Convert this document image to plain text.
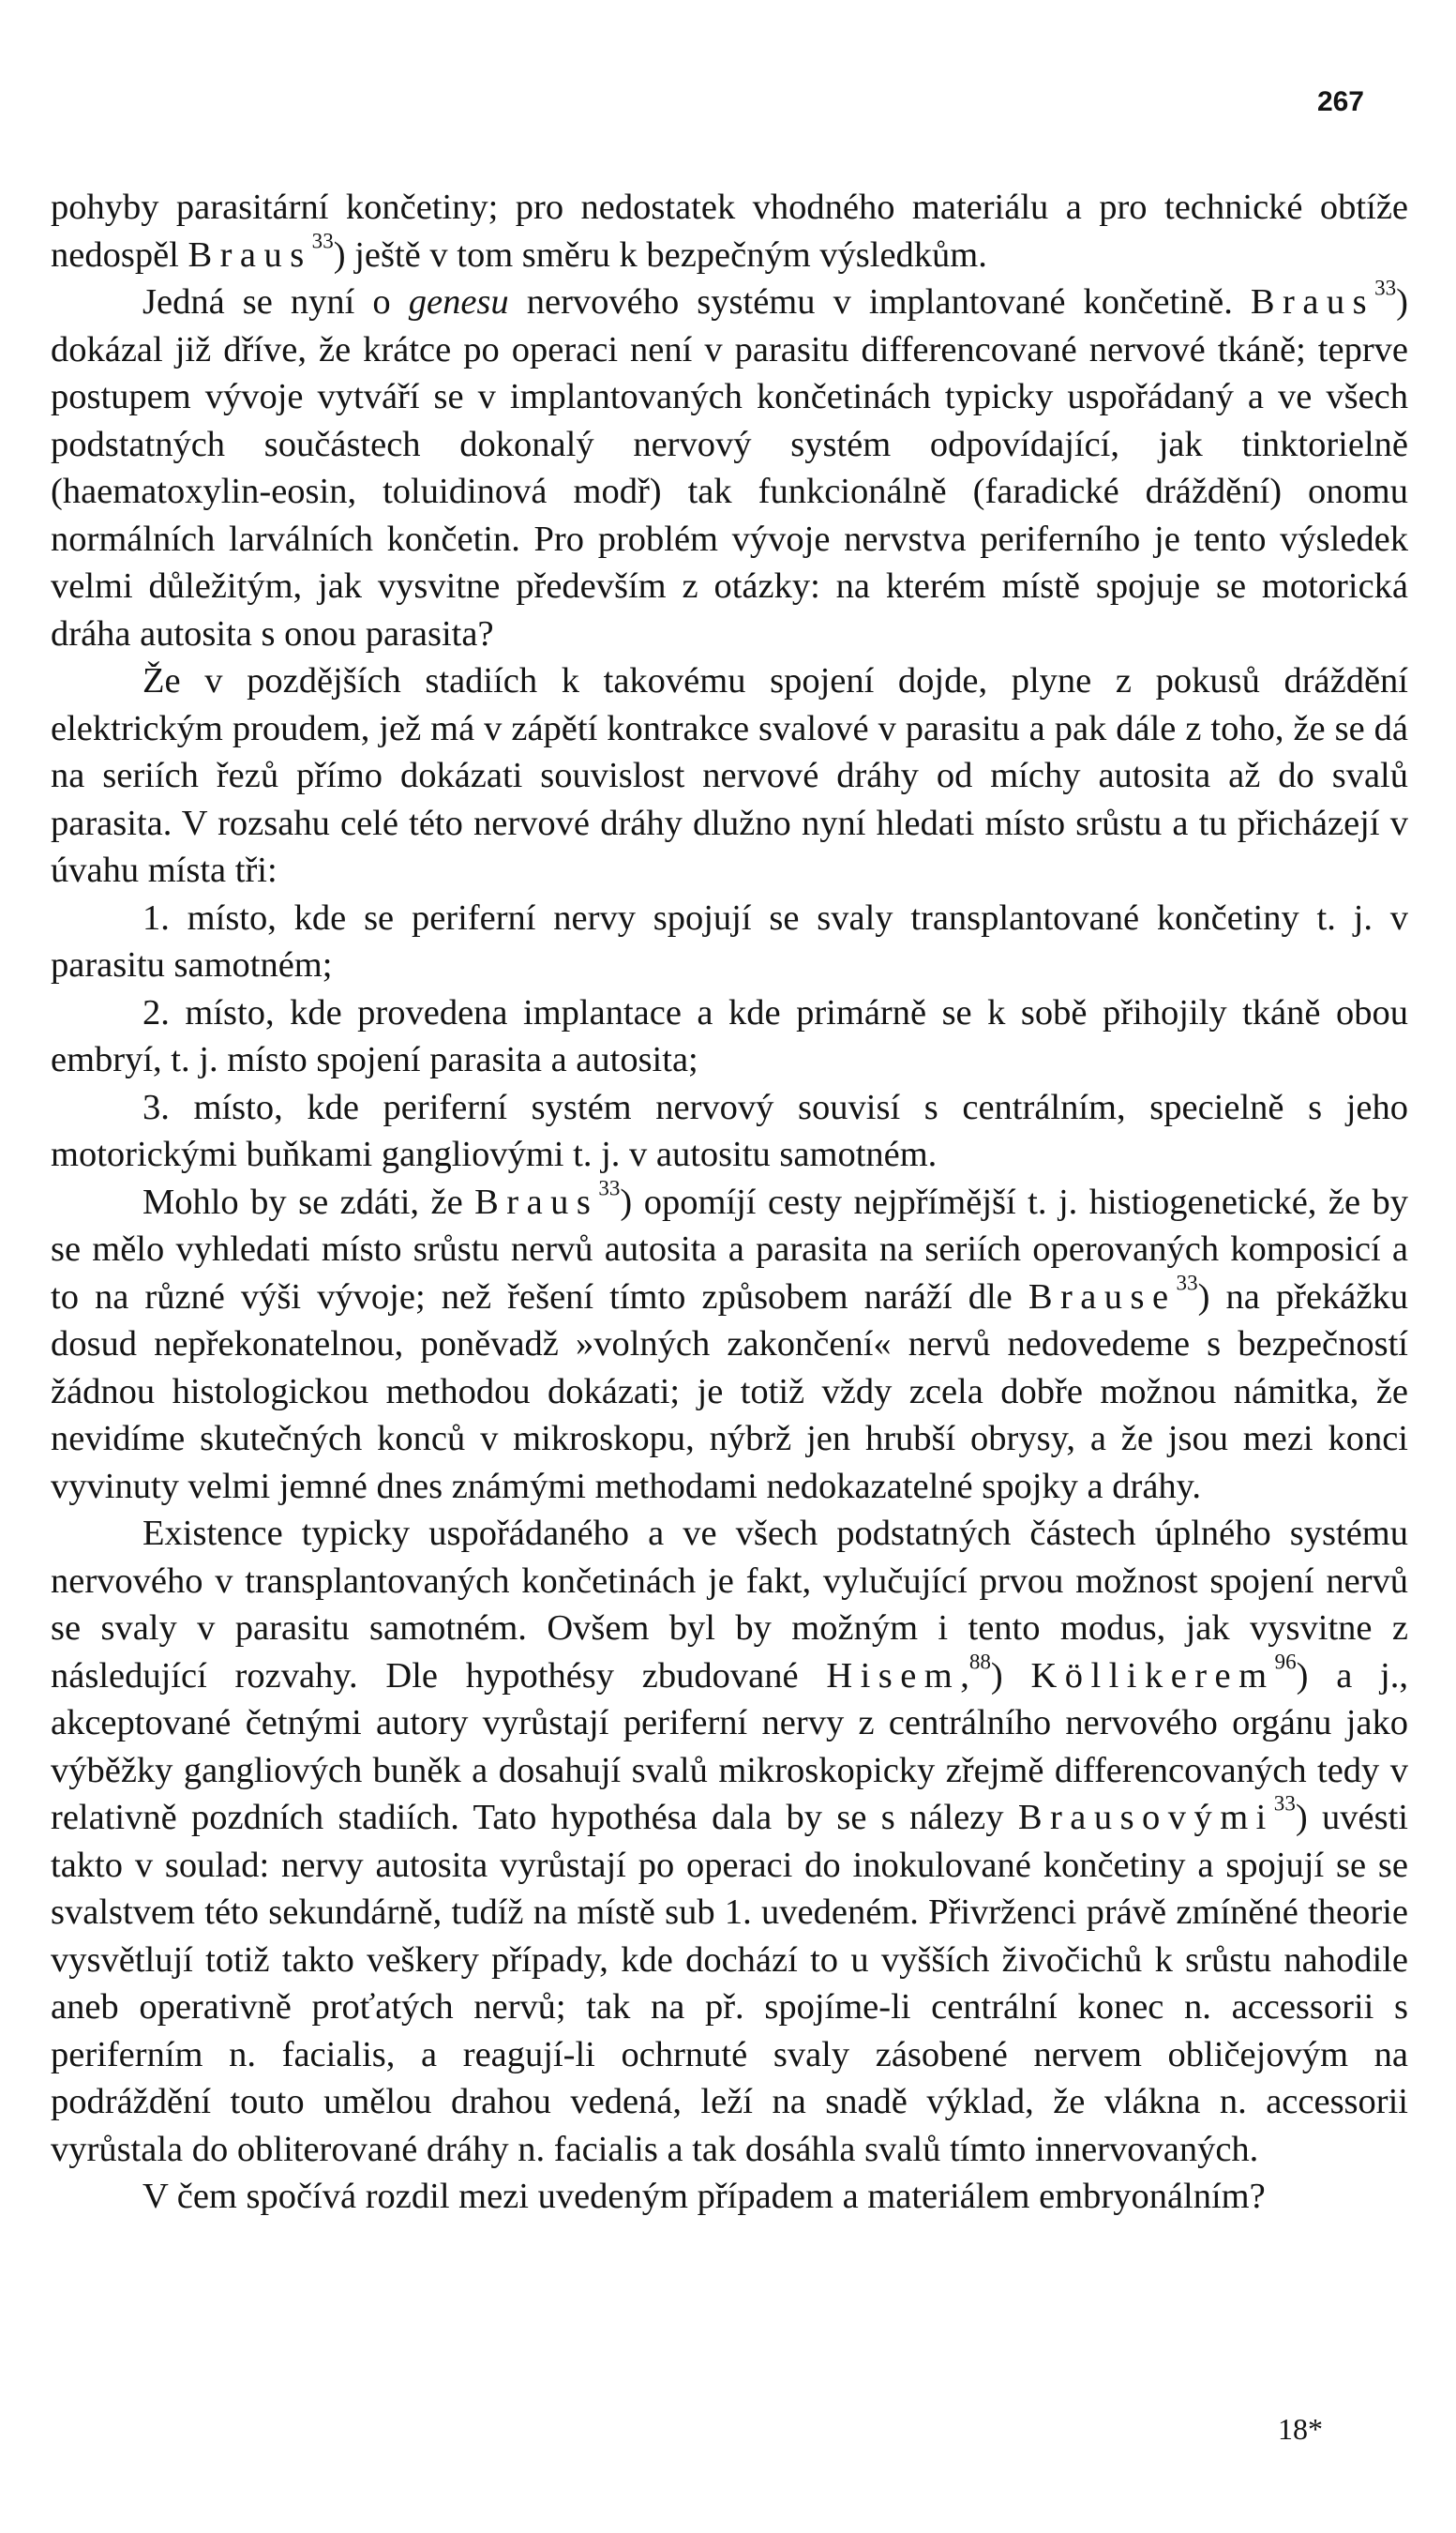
267

pohyby parasitární končetiny; pro nedostatek vhodného materiálu a pro technické obtíže nedospěl Braus$^{33}$) ještě v tom směru k bezpečným výsledkům.

Jedná se nyní o genesu nervového systému v implantované končetině. Braus$^{33}$) dokázal již dříve, že krátce po operaci není v parasitu differencované nervové tkáně; teprve postupem vývoje vytváří se v implantovaných končetinách typicky uspořádaný a ve všech podstatných součástech dokonalý nervový systém odpovídající, jak tinktorielně (haematoxylin-eosin, toluidinová modř) tak funkcionálně (faradické dráždění) onomu normálních larválních končetin. Pro problém vývoje nervstva periferního je tento výsledek velmi důležitým, jak vysvitne především z otázky: na kterém místě spojuje se motorická dráha autosita s onou parasita?

Že v pozdějších stadiích k takovému spojení dojde, plyne z pokusů dráždění elektrickým proudem, jež má v zápětí kontrakce svalové v parasitu a pak dále z toho, že se dá na seriích řezů přímo dokázati souvislost nervové dráhy od míchy autosita až do svalů parasita. V rozsahu celé této nervové dráhy dlužno nyní hledati místo srůstu a tu přicházejí v úvahu místa tři:

1. místo, kde se periferní nervy spojují se svaly transplantované končetiny t. j. v parasitu samotném;
2. místo, kde provedena implantace a kde primárně se k sobě přihojily tkáně obou embryí, t. j. místo spojení parasita a autosita;
3. místo, kde periferní systém nervový souvisí s centrálním, specielně s jeho motorickými buňkami gangliovými t. j. v autositu samotném.

Mohlo by se zdáti, že Braus$^{33}$) opomíjí cesty nejpřímější t. j. histiogenetické, že by se mělo vyhledati místo srůstu nervů autosita a parasita na seriích operovaných komposicí a to na různé výši vývoje; než řešení tímto způsobem naráží dle Brause$^{33}$) na překážku dosud nepřekonatelnou, poněvadž »volných zakončení« nervů nedovedeme s bezpečností žádnou histologickou methodou dokázati; je totiž vždy zcela dobře možnou námitka, že nevidíme skutečných konců v mikroskopu, nýbrž jen hrubší obrysy, a že jsou mezi konci vyvinuty velmi jemné dnes známými methodami nedokazatelné spojky a dráhy.

Existence typicky uspořádaného a ve všech podstatných částech úplného systému nervového v transplantovaných končetinách je fakt, vylučující prvou možnost spojení nervů se svaly v parasitu samotném. Ovšem byl by možným i tento modus, jak vysvitne z následující rozvahy. Dle hypothésy zbudované Hisem,$^{88}$) Köllikerem$^{96}$) a j., akceptované četnými autory vyrůstají periferní nervy z centrálního nervového orgánu jako výběžky gangliových buněk a dosahují svalů mikroskopicky zřejmě differencovaných tedy v relativně pozdních stadiích. Tato hypothésa dala by se s nálezy Brausovými$^{33}$) uvésti takto v soulad: nervy autosita vyrůstají po operaci do inokulované končetiny a spojují se se svalstvem této sekundárně, tudíž na místě sub 1. uvedeném. Přivrženci právě zmíněné theorie vysvětlují totiž takto veškery případy, kde dochází to u vyšších živočichů k srůstu nahodile aneb operativně proťatých nervů; tak na př. spojíme-li centrální konec n. accessorii s periferním n. facialis, a reagují-li ochrnuté svaly zásobené nervem obličejovým na podráždění touto umělou drahou vedená, leží na snadě výklad, že vlákna n. accessorii vyrůstala do obliterované dráhy n. facialis a tak dosáhla svalů tímto innervovaných.

V čem spočívá rozdil mezi uvedeným případem a materiálem embryonálním?

18*
